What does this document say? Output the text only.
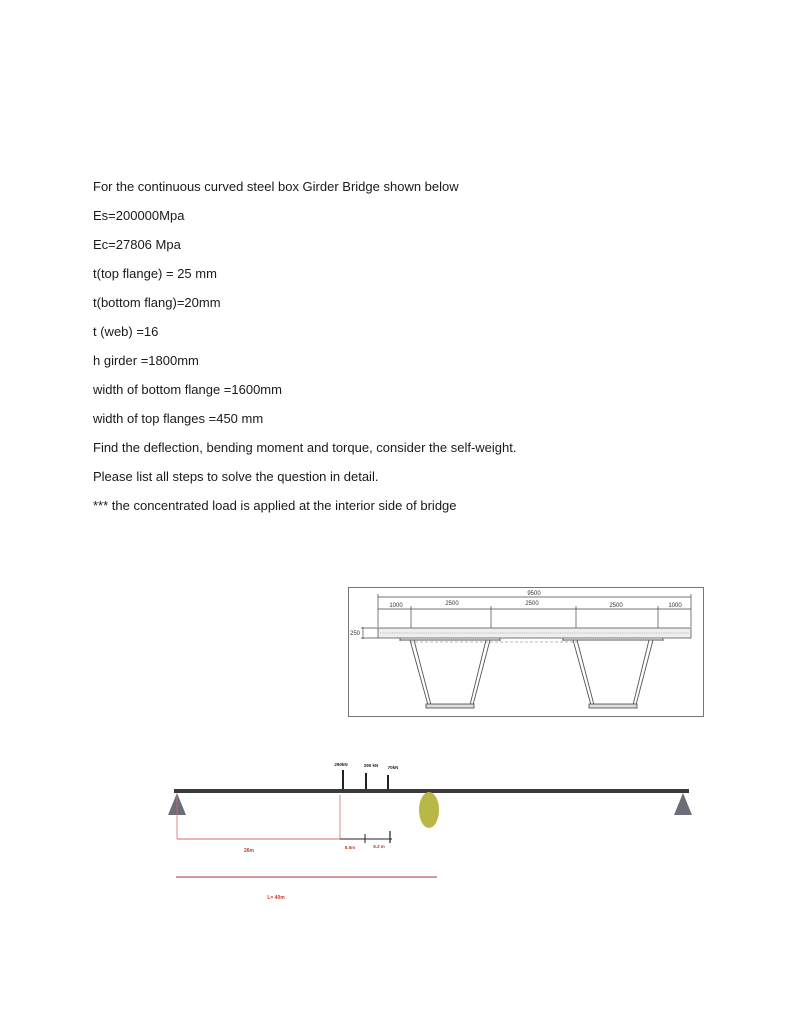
For the continuous curved steel box Girder Bridge shown below
Es=200000Mpa
Ec=27806 Mpa
t(top flange) = 25 mm
t(bottom flang)=20mm
t (web) =16
h girder =1800mm
width of bottom flange =1600mm
width of top flanges =450 mm
Find the deflection, bending moment and torque, consider the self-weight.
Please list all steps to solve the question in detail.
*** the concentrated load is applied at the interior side of bridge
9500
1000	2500	2500	2500	1000
250
290kN	290 kN 70kN
26m
8.5m	8.3 m
L= 40m
